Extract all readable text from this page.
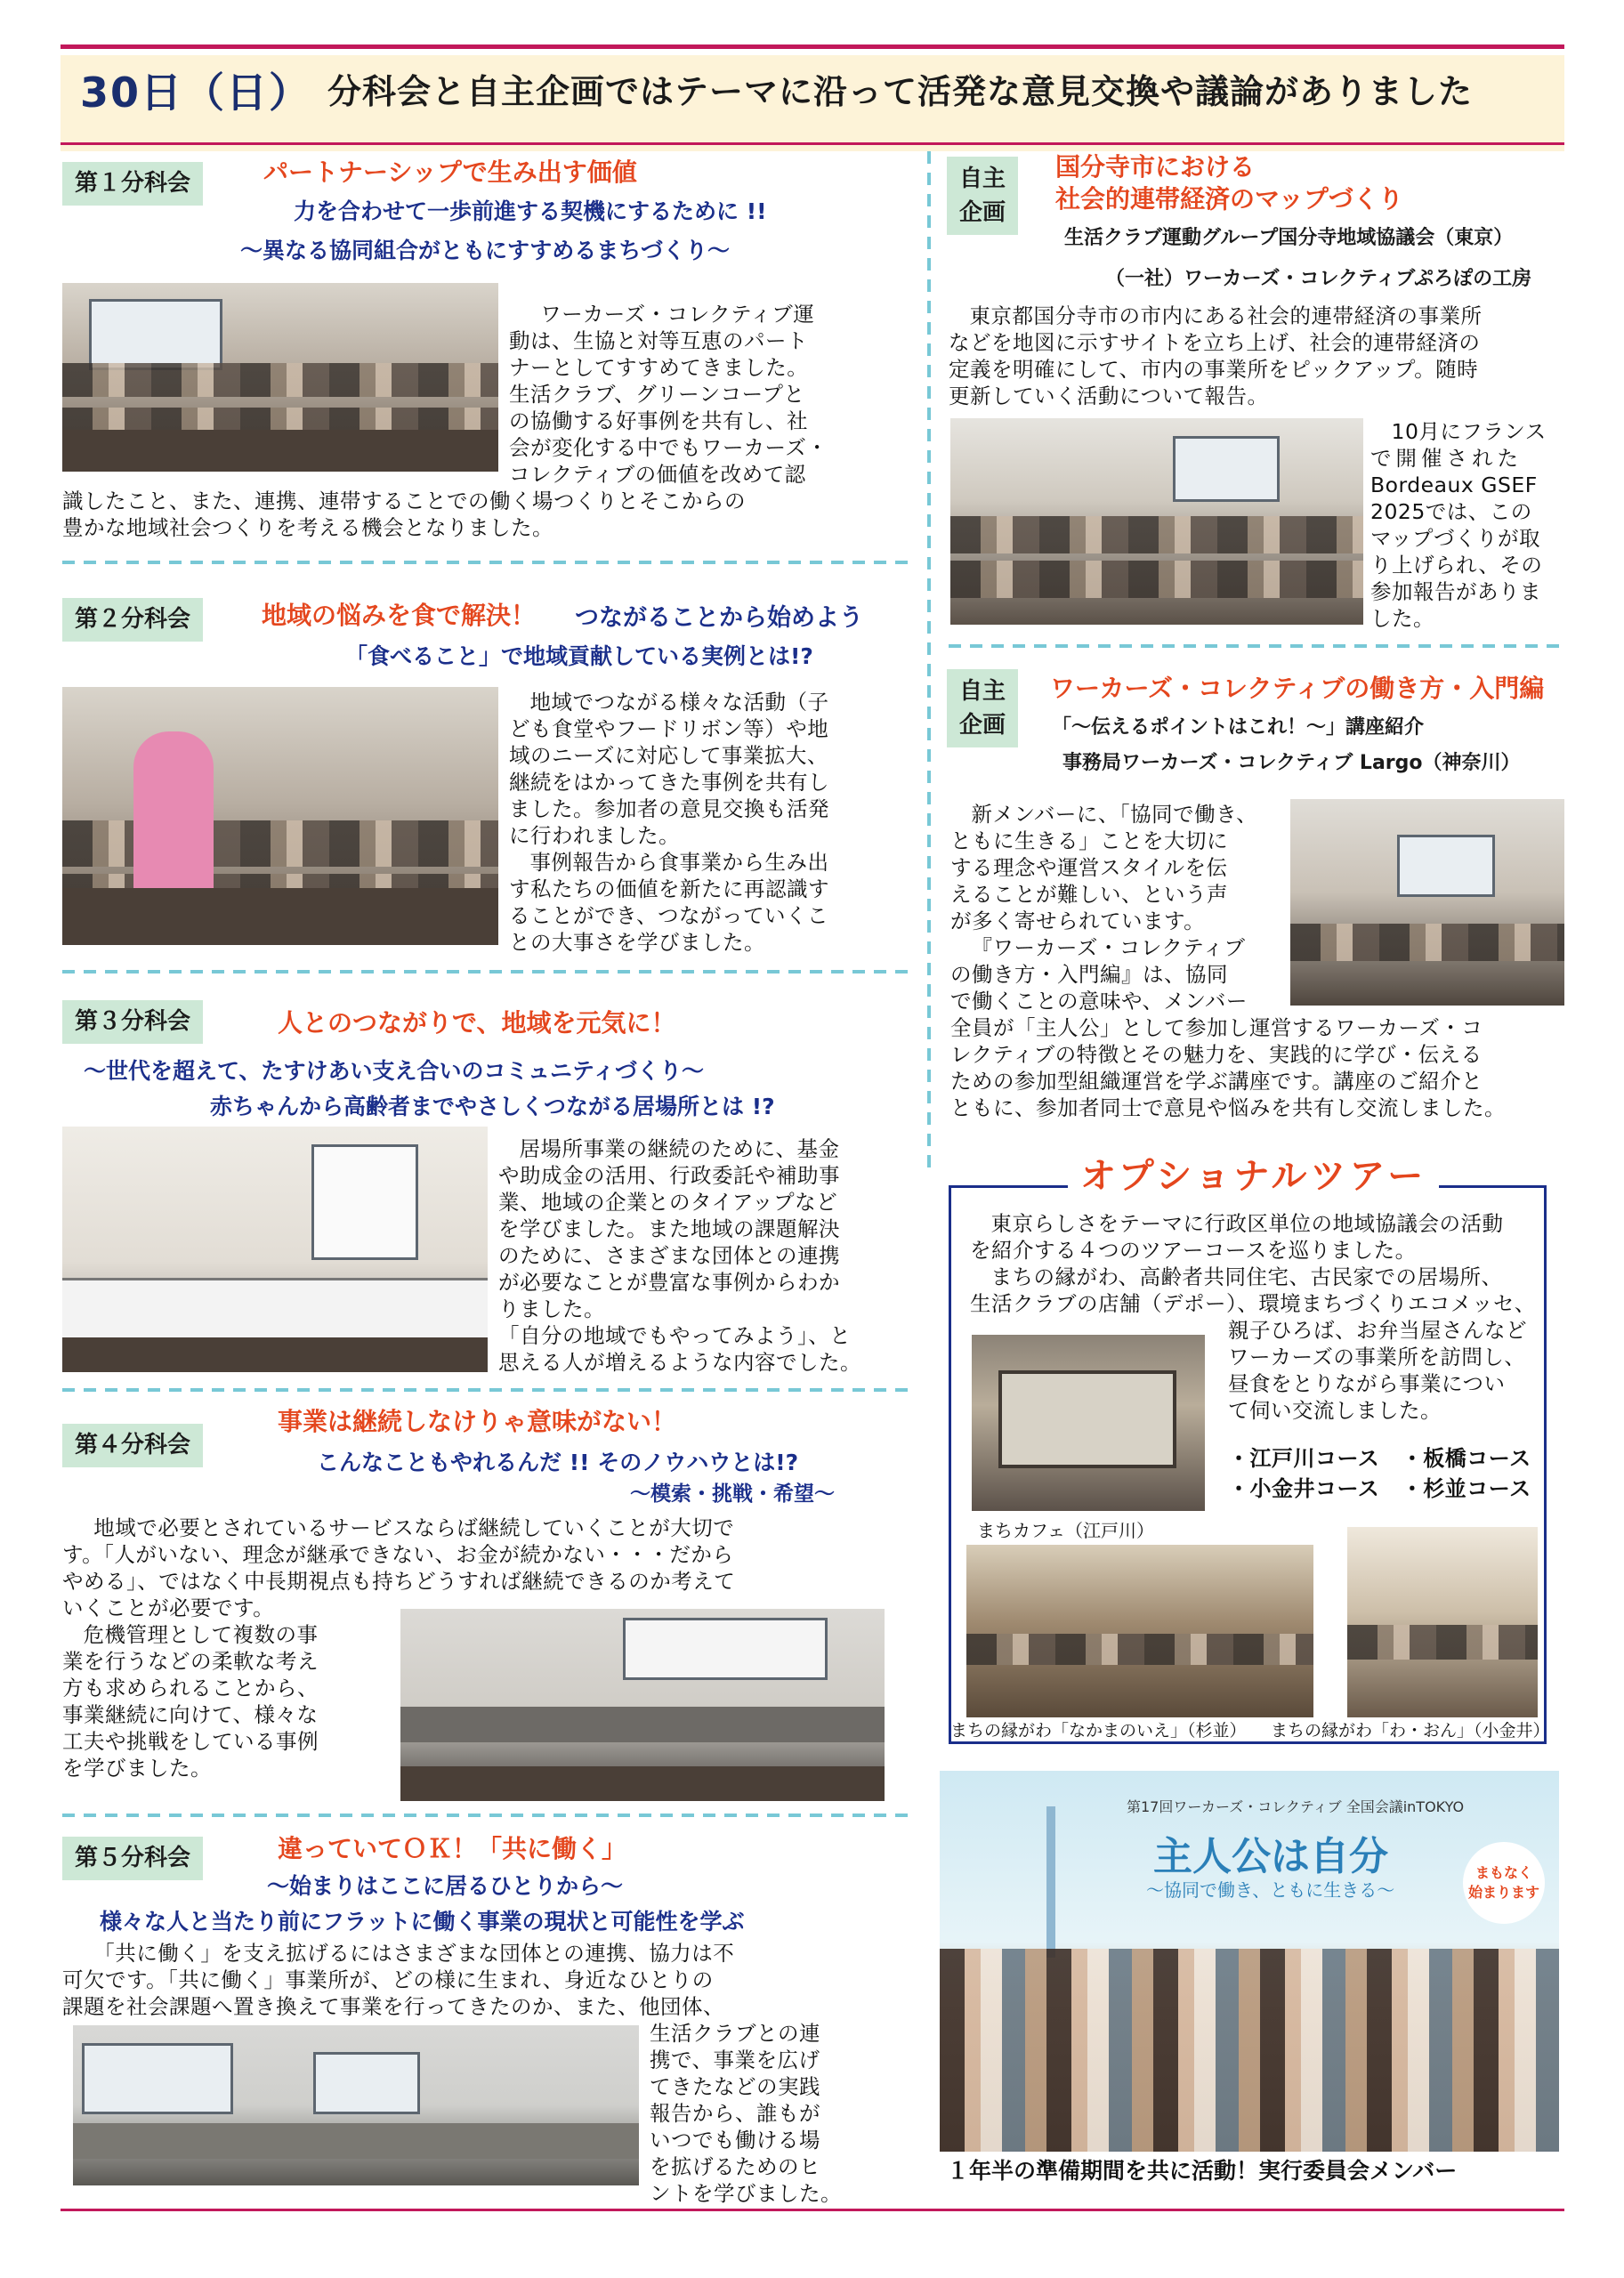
30日（日） 分科会と自主企画ではテーマに沿って活発な意見交換や議論がありました
第１分科会	パートナーシップで生み出す価値
力を合わせて一歩前進する契機にするために !!
～異なる協同組合がともにすすめるまちづくり～
ワーカーズ・コレクティブ運
動は、生協と対等互恵のパート
ナーとしてすすめてきました。
生活クラブ、グリーンコープと
の協働する好事例を共有し、社
会が変化する中でもワーカーズ・
コレクティブの価値を改めて認
識したこと、また、連携、連帯することでの働く場つくりとそこからの
豊かな地域社会つくりを考える機会となりました。
第２分科会	地域の悩みを食で解決！ つながることから始めよう
「食べること」で地域貢献している実例とは!?
地域でつながる様々な活動（子
ども食堂やフードリボン等）や地
域のニーズに対応して事業拡大、
継続をはかってきた事例を共有し
ました。参加者の意見交換も活発
に行われました。
事例報告から食事業から生み出
す私たちの価値を新たに再認識す
ることができ、つながっていくこ
との大事さを学びました。
第３分科会	人とのつながりで、地域を元気に！
～世代を超えて、たすけあい支え合いのコミュニティづくり～
赤ちゃんから高齢者までやさしくつながる居場所とは !?
居場所事業の継続のために、基金
や助成金の活用、行政委託や補助事
業、地域の企業とのタイアップなど
を学びました。また地域の課題解決
のために、さまざまな団体との連携
が必要なことが豊富な事例からわか
りました。
「自分の地域でもやってみよう」、と
思える人が増えるような内容でした。
第４分科会
事業は継続しなけりゃ意味がない！
こんなこともやれるんだ !! そのノウハウとは!?
～模索・挑戦・希望～
地域で必要とされているサービスならば継続していくことが大切で
す。「人がいない、理念が継承できない、お金が続かない・・・だから
やめる」、ではなく中長期視点も持ちどうすれば継続できるのか考えて
いくことが必要です。
危機管理として複数の事
業を行うなどの柔軟な考え
方も求められることから、
事業継続に向けて、様々な
工夫や挑戦をしている事例
を学びました。
第５分科会	違っていてＯＫ！「共に働く」
～始まりはここに居るひとりから～
様々な人と当たり前にフラットに働く事業の現状と可能性を学ぶ
「共に働く」を支え拡げるにはさまざまな団体との連携、協力は不
可欠です。「共に働く」事業所が、どの様に生まれ、身近なひとりの
課題を社会課題へ置き換えて事業を行ってきたのか、また、他団体、
生活クラブとの連
携で、事業を広げ
てきたなどの実践
報告から、誰もが
いつでも働ける場
を拡げるためのヒ
ントを学びました。
自主
企画
国分寺市における
社会的連帯経済のマップづくり
生活クラブ運動グループ国分寺地域協議会（東京）
（一社）ワーカーズ・コレクティブぷろぽの工房
東京都国分寺市の市内にある社会的連帯経済の事業所
などを地図に示すサイトを立ち上げ、社会的連帯経済の
定義を明確にして、市内の事業所をピックアップ。随時
更新していく活動について報告。
10月にフランス
で開催された
Bordeaux GSEF
2025では、この
マップづくりが取
り上げられ、その
参加報告がありま
した。
自主
企画
ワーカーズ・コレクティブの働き方・入門編
「～伝えるポイントはこれ！～」講座紹介
事務局ワーカーズ・コレクティブ Largo（神奈川）
新メンバーに、「協同で働き、
ともに生きる」ことを大切に
する理念や運営スタイルを伝
えることが難しい、という声
が多く寄せられています。
『ワーカーズ・コレクティブ
の働き方・入門編』は、協同
で働くことの意味や、メンバー
全員が「主人公」として参加し運営するワーカーズ・コ
レクティブの特徴とその魅力を、実践的に学び・伝える
ための参加型組織運営を学ぶ講座です。講座のご紹介と
ともに、参加者同士で意見や悩みを共有し交流しました。
オプショナルツアー
東京らしさをテーマに行政区単位の地域協議会の活動
を紹介する４つのツアーコースを巡りました。
まちの縁がわ、高齢者共同住宅、古民家での居場所、
生活クラブの店舗（デポー）、環境まちづくりエコメッセ、
親子ひろば、お弁当屋さんなど
ワーカーズの事業所を訪問し、
昼食をとりながら事業につい
て伺い交流しました。
・江戸川コース　 ・板橋コース
・小金井コース　 ・杉並コース
まちカフェ（江戸川）
まちの縁がわ「なかまのいえ」（杉並） まちの縁がわ「わ・おん」（小金井）
第17回ワーカーズ・コレクティブ 全国会議inTOKYO
主人公は自分
～協同で働き、ともに生きる～
まもなく
始まります
１年半の準備期間を共に活動！実行委員会メンバー
